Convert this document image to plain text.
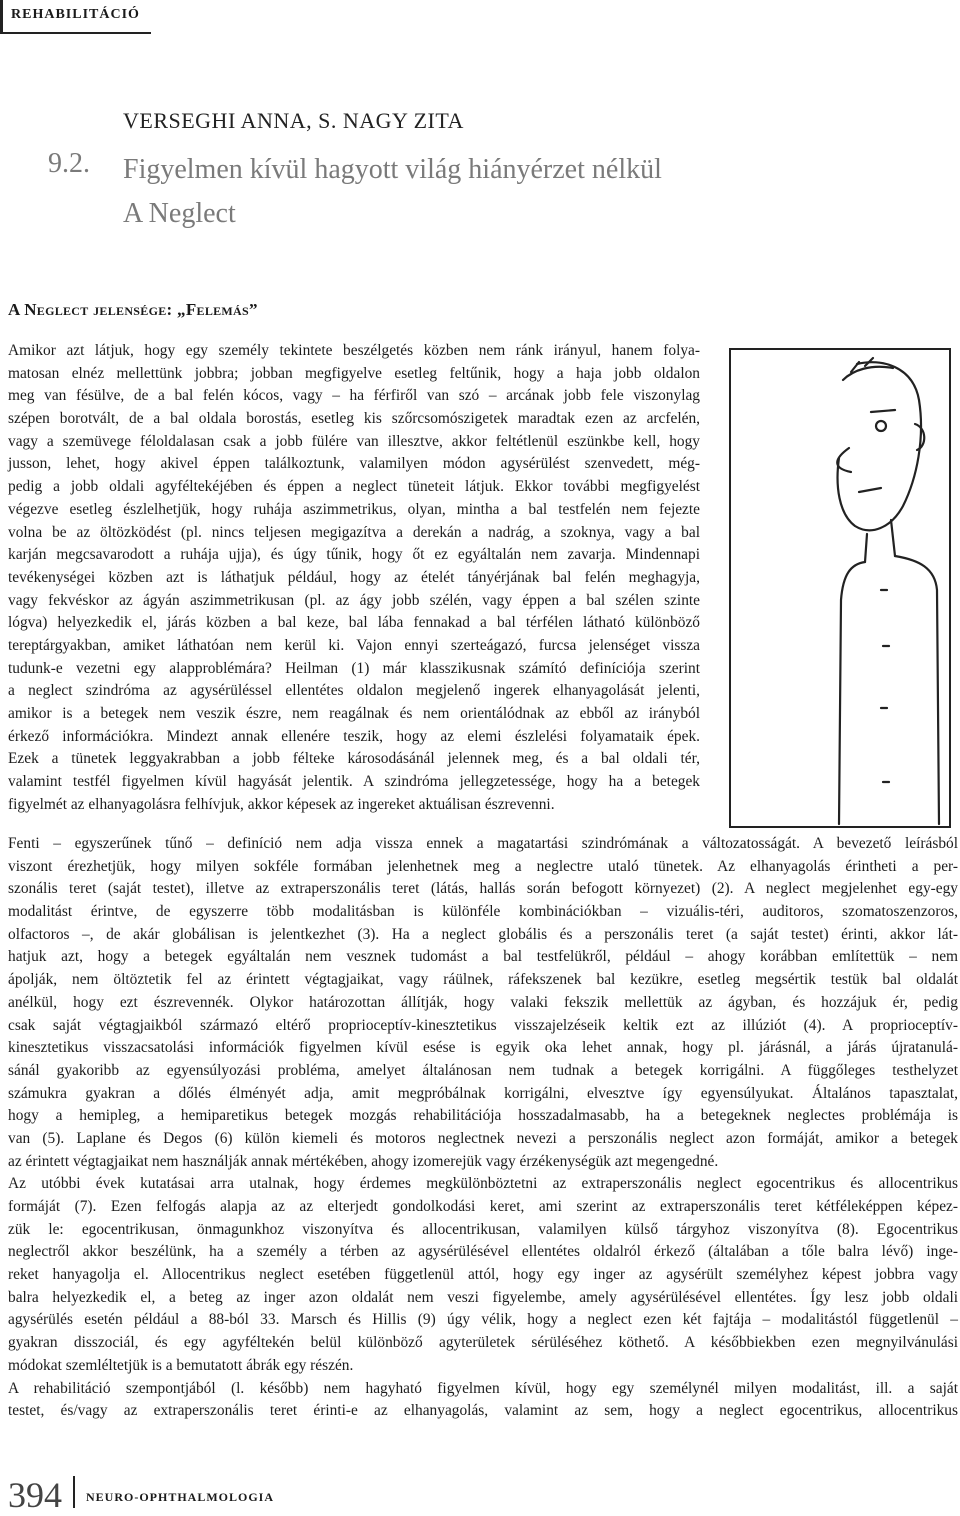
REHABILITÁCIÓ
VERSEGHI ANNA, S. NAGY ZITA
9.2. Figyelmen kívül hagyott világ hiányérzet nélkül
A Neglect
A Neglect jelensége: „Felemás”
Amikor azt látjuk, hogy egy személy tekintete beszélgetés közben nem ránk irányul, hanem folya-
matosan elnéz mellettünk jobbra; jobban megfigyelve esetleg feltűnik, hogy a haja jobb oldalon
meg van fésülve, de a bal felén kócos, vagy – ha férfiről van szó – arcának jobb fele viszonylag
szépen borotvált, de a bal oldala borostás, esetleg kis szőrcsomószigetek maradtak ezen az arcfelén,
vagy a szemüvege féloldalasan csak a jobb fülére van illesztve, akkor feltétlenül eszünkbe kell, hogy
jusson, lehet, hogy akivel éppen találkoztunk, valamilyen módon agysérülést szenvedett, még-
pedig a jobb oldali agyféltekéjében és éppen a neglect tüneteit látjuk. Ekkor további megfigyelést
végezve esetleg észlelhetjük, hogy ruhája aszimmetrikus, olyan, mintha a bal testfelén nem fejezte
volna be az öltözködést (pl. nincs teljesen megigazítva a derekán a nadrág, a szoknya, vagy a bal
karján megcsavarodott a ruhája ujja), és úgy tűnik, hogy őt ez egyáltalán nem zavarja. Mindennapi
tevékenységei közben azt is láthatjuk például, hogy az ételét tányérjának bal felén meghagyja,
vagy fekvéskor az ágyán aszimmetrikusan (pl. az ágy jobb szélén, vagy éppen a bal szélen szinte
lógva) helyezkedik el, járás közben a bal keze, bal lába fennakad a bal térfélen látható különböző
tereptárgyakban, amiket láthatóan nem kerül ki. Vajon ennyi szerteágazó, furcsa jelenséget vissza
tudunk-e vezetni egy alapproblémára? Heilman (1) már klasszikusnak számító definíciója szerint
a neglect szindróma az agysérüléssel ellentétes oldalon megjelenő ingerek elhanyagolását jelenti,
amikor is a betegek nem veszik észre, nem reagálnak és nem orientálódnak az ebből az irányból
érkező információkra. Mindezt annak ellenére teszik, hogy az elemi észlelési folyamataik épek.
Ezek a tünetek leggyakrabban a jobb félteke károsodásánál jelennek meg, és a bal oldali tér,
valamint testfél figyelmen kívül hagyását jelentik. A szindróma jellegzetessége, hogy ha a betegek
figyelmét az elhanyagolásra felhívjuk, akkor képesek az ingereket aktuálisan észrevenni.
Fenti – egyszerűnek tűnő – definíció nem adja vissza ennek a magatartási szindrómának a változatosságát. A bevezető leírásból
viszont érezhetjük, hogy milyen sokféle formában jelenhetnek meg a neglectre utaló tünetek. Az elhanyagolás érintheti a per-
szonális teret (saját testet), illetve az extraperszonális teret (látás, hallás során befogott környezet) (2). A neglect megjelenhet egy-egy
modalitást érintve, de egyszerre több modalitásban is különféle kombinációkban – vizuális-téri, auditoros, szomatoszenzoros,
olfactoros –, de akár globálisan is jelentkezhet (3). Ha a neglect globális és a perszonális teret (a saját testet) érinti, akkor lát-
hatjuk azt, hogy a betegek egyáltalán nem vesznek tudomást a bal testfelükről, például – ahogy korábban említettük – nem
ápolják, nem öltöztetik fel az érintett végtagjaikat, vagy ráülnek, ráfekszenek bal kezükre, esetleg megsértik testük bal oldalát
anélkül, hogy ezt észrevennék. Olykor határozottan állítják, hogy valaki fekszik mellettük az ágyban, és hozzájuk ér, pedig
csak saját végtagjaikból származó eltérő proprioceptív-kinesztetikus visszajelzéseik keltik ezt az illúziót (4). A proprioceptív-
kinesztetikus visszacsatolási információk figyelmen kívül esése is egyik oka lehet annak, hogy pl. járásnál, a járás újratanulá-
sánál gyakoribb az egyensúlyozási probléma, amelyet általánosan nem tudnak a betegek korrigálni. A függőleges testhelyzet
számukra gyakran a dőlés élményét adja, amit megpróbálnak korrigálni, elvesztve így egyensúlyukat. Általános tapasztalat,
hogy a hemipleg, a hemiparetikus betegek mozgás rehabilitációja hosszadalmasabb, ha a betegeknek neglectes problémája is
van (5). Laplane és Degos (6) külön kiemeli és motoros neglectnek nevezi a perszonális neglect azon formáját, amikor a betegek
az érintett végtagjaikat nem használják annak mértékében, ahogy izomerejük vagy érzékenységük azt megengedné.
Az utóbbi évek kutatásai arra utalnak, hogy érdemes megkülönböztetni az extraperszonális neglect egocentrikus és allocentrikus
formáját (7). Ezen felfogás alapja az az elterjedt gondolkodási keret, ami szerint az extraperszonális teret kétféleképpen képez-
zük le: egocentrikusan, önmagunkhoz viszonyítva és allocentrikusan, valamilyen külső tárgyhoz viszonyítva (8). Egocentrikus
neglectről akkor beszélünk, ha a személy a térben az agysérülésével ellentétes oldalról érkező (általában a tőle balra lévő) inge-
reket hanyagolja el. Allocentrikus neglect esetében függetlenül attól, hogy egy inger az agysérült személyhez képest jobbra vagy
balra helyezkedik el, a beteg az inger azon oldalát nem veszi figyelembe, amely agysérülésével ellentétes. Így lesz jobb oldali
agysérülés esetén például a 88-ból 33. Marsch és Hillis (9) úgy vélik, hogy a neglect ezen két fajtája – modalitástól függetlenül –
gyakran disszociál, és egy agyféltekén belül különböző agyterületek sérüléséhez köthető. A későbbiekben ezen megnyilvánulási
módokat szemléltetjük is a bemutatott ábrák egy részén.
A rehabilitáció szempontjából (l. később) nem hagyható figyelmen kívül, hogy egy személynél milyen modalitást, ill. a saját
testet, és/vagy az extraperszonális teret érinti-e az elhanyagolás, valamint az sem, hogy a neglect egocentrikus, allocentrikus
394 NEURO-OPHTHALMOLOGIA
